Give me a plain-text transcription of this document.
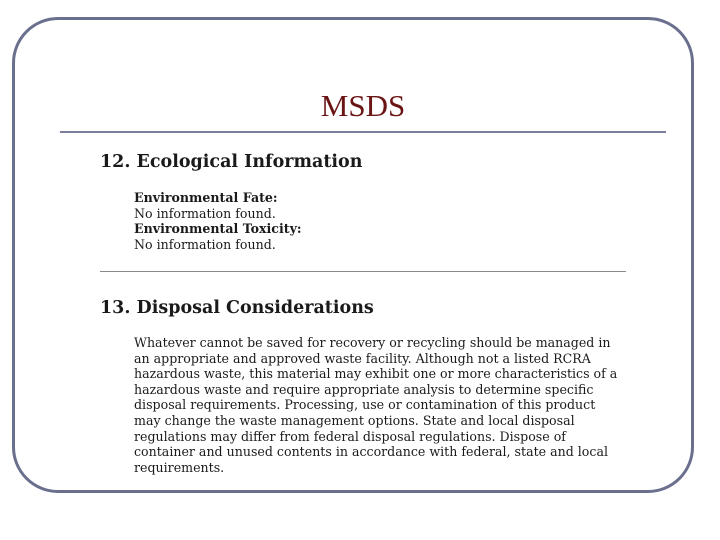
MSDS
12. Ecological Information
Environmental Fate:
No information found.
Environmental Toxicity:
No information found.
13. Disposal Considerations
Whatever cannot be saved for recovery or recycling should be managed in
an appropriate and approved waste facility. Although not a listed RCRA
hazardous waste, this material may exhibit one or more characteristics of a
hazardous waste and require appropriate analysis to determine specific
disposal requirements. Processing, use or contamination of this product
may change the waste management options. State and local disposal
regulations may differ from federal disposal regulations. Dispose of
container and unused contents in accordance with federal, state and local
requirements.
